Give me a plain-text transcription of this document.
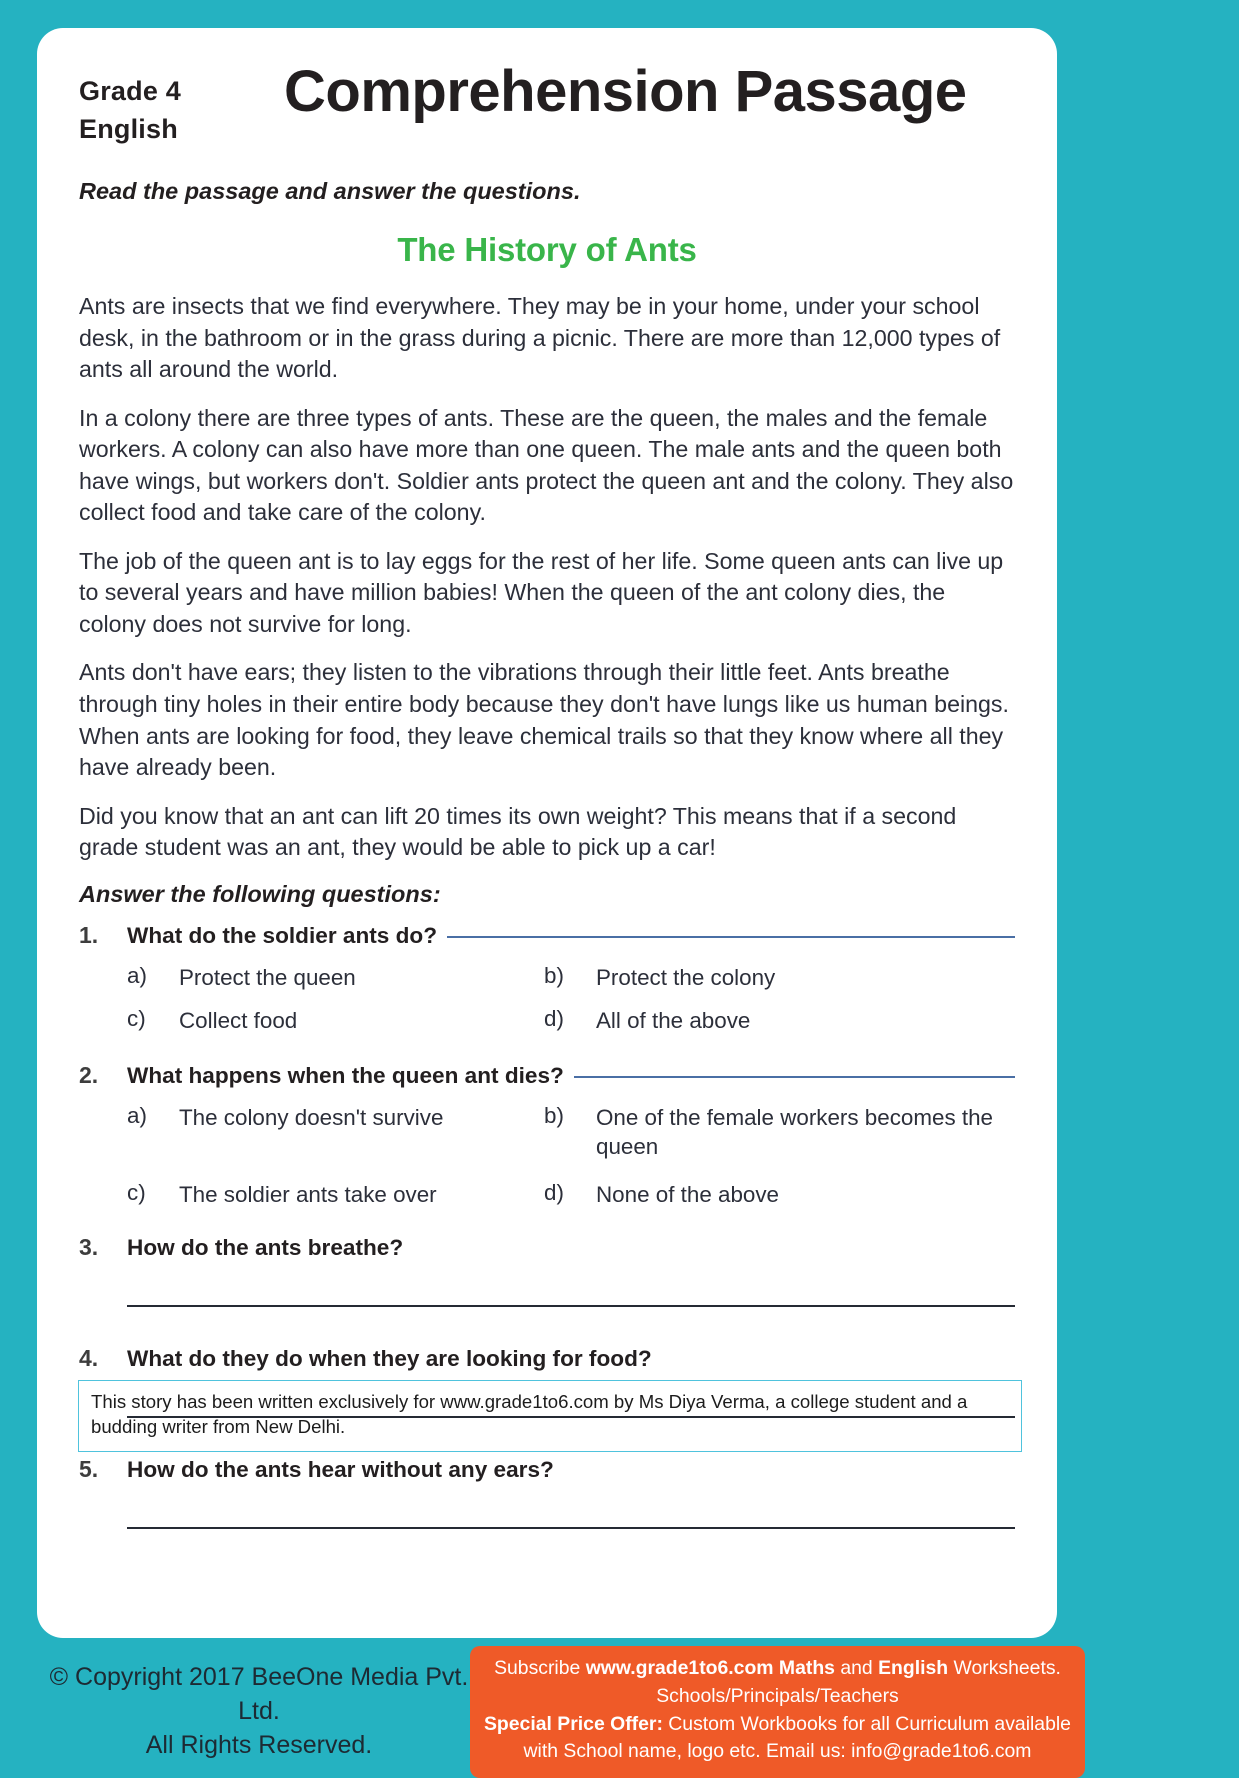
Grade 4
English
Comprehension Passage
Read the passage and answer the questions.
The History of Ants

Ants are insects that we find everywhere. They may be in your home, under your school desk, in the bathroom or in the grass during a picnic. There are more than 12,000 types of ants all around the world.

In a colony there are three types of ants. These are the queen, the males and the female workers. A colony can also have more than one queen. The male ants and the queen both have wings, but workers don't. Soldier ants protect the queen ant and the colony. They also collect food and take care of the colony.

The job of the queen ant is to lay eggs for the rest of her life. Some queen ants can live up to several years and have million babies! When the queen of the ant colony dies, the colony does not survive for long.

Ants don't have ears; they listen to the vibrations through their little feet. Ants breathe through tiny holes in their entire body because they don't have lungs like us human beings. When ants are looking for food, they leave chemical trails so that they know where all they have already been.

Did you know that an ant can lift 20 times its own weight? This means that if a second grade student was an ant, they would be able to pick up a car!

Answer the following questions:
1.	What do the soldier ants do?
a)	Protect the queen	b)	Protect the colony
c)	Collect food	d)	All of the above
2.	What happens when the queen ant dies?
a)	The colony doesn't survive	b)	One of the female workers becomes the queen
c)	The soldier ants take over	d)	None of the above
3.	How do the ants breathe?
4.	What do they do when they are looking for food?
5.	How do the ants hear without any ears?
This story has been written exclusively for www.grade1to6.com by Ms Diya Verma, a college student and a budding writer from New Delhi.
© Copyright 2017 BeeOne Media Pvt. Ltd.
All Rights Reserved.
Subscribe www.grade1to6.com Maths and English Worksheets.
Schools/Principals/Teachers
Special Price Offer: Custom Workbooks for all Curriculum available
with School name, logo etc. Email us: info@grade1to6.com
